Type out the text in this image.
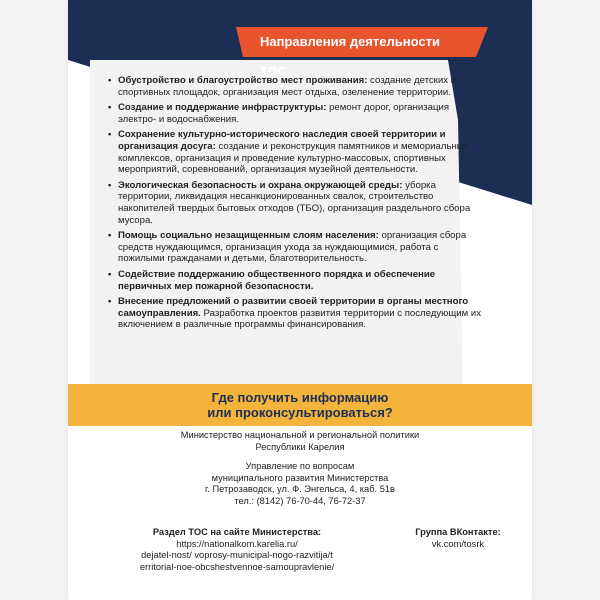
Направления деятельности ТОС
• Обустройство и благоустройство мест проживания: создание детских и спортивных площадок, организация мест отдыха, озеленение территории.
• Создание и поддержание инфраструктуры: ремонт дорог, организация электро- и водоснабжения.
• Сохранение культурно-исторического наследия своей территории и организация досуга: создание и реконструкция памятников и мемориальных комплексов, организация и проведение культурно-массовых, спортивных мероприятий, соревнований, организация музейной деятельности.
• Экологическая безопасность и охрана окружающей среды: уборка территории, ликвидация несанкционированных свалок, строительство накопителей твердых бытовых отходов (ТБО), организация раздельного сбора мусора.
• Помощь социально незащищенным слоям населения: организация сбора средств нуждающимся, организация ухода за нуждающимися, работа с пожилыми гражданами и детьми, благотворительность.
• Содействие поддержанию общественного порядка и обеспечение первичных мер пожарной безопасности.
• Внесение предложений о развитии своей территории в органы местного самоуправления. Разработка проектов развития территории с последующим их включением в различные программы финансирования.
Где получить информацию
или проконсультироваться?
Министерство национальной и региональной политики
Республики Карелия
Управление по вопросам
муниципального развития Министерства
г. Петрозаводск, ул. Ф. Энгельса, 4, каб. 51в
тел.: (8142) 76-70-44, 76-72-37
Раздел ТОС на сайте Министерства:
https://nationalkom.karelia.ru/
dejatel-nost/ voprosy-municipal-nogo-razvitija/t
erritorial-noe-obcshestvennoe-samoupravlenie/
Группа ВКонтакте:
vk.com/tosrk
